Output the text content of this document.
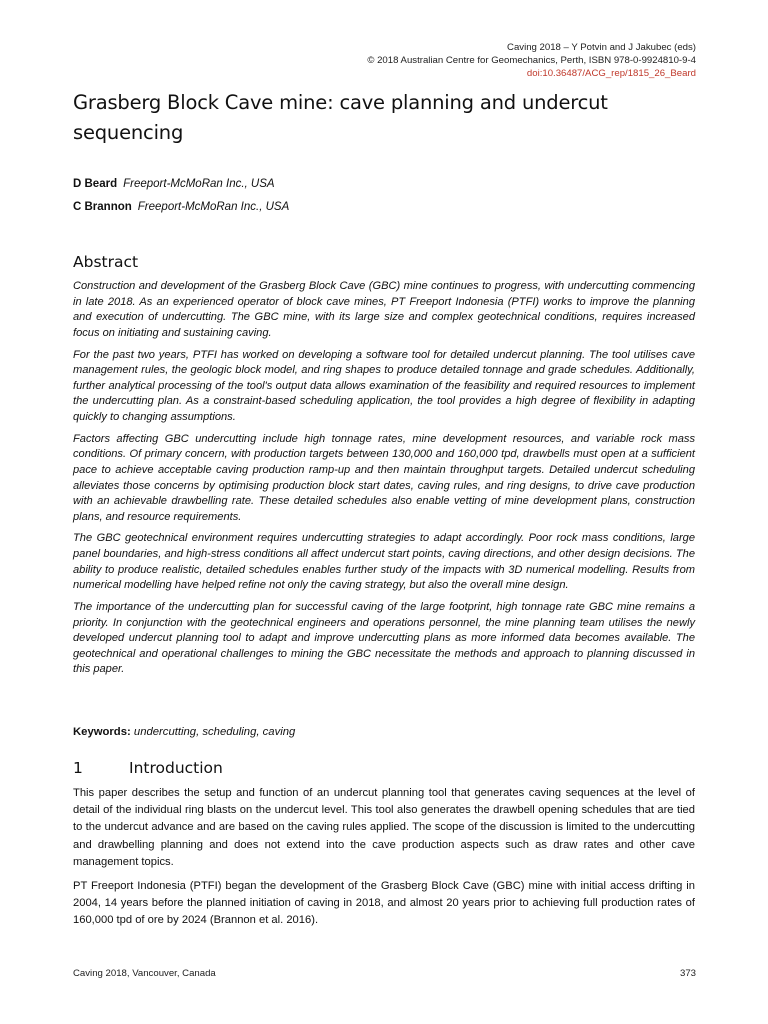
Caving 2018 – Y Potvin and J Jakubec (eds)
© 2018 Australian Centre for Geomechanics, Perth, ISBN 978-0-9924810-9-4
doi:10.36487/ACG_rep/1815_26_Beard
Grasberg Block Cave mine: cave planning and undercut sequencing
D Beard Freeport-McMoRan Inc., USA
C Brannon Freeport-McMoRan Inc., USA
Abstract

Construction and development of the Grasberg Block Cave (GBC) mine continues to progress, with undercutting commencing in late 2018. As an experienced operator of block cave mines, PT Freeport Indonesia (PTFI) works to improve the planning and execution of undercutting. The GBC mine, with its large size and complex geotechnical conditions, requires increased focus on initiating and sustaining caving.

For the past two years, PTFI has worked on developing a software tool for detailed undercut planning. The tool utilises cave management rules, the geologic block model, and ring shapes to produce detailed tonnage and grade schedules. Additionally, further analytical processing of the tool's output data allows examination of the feasibility and required resources to implement the undercutting plan. As a constraint-based scheduling application, the tool provides a high degree of flexibility in adapting quickly to changing assumptions.

Factors affecting GBC undercutting include high tonnage rates, mine development resources, and variable rock mass conditions. Of primary concern, with production targets between 130,000 and 160,000 tpd, drawbells must open at a sufficient pace to achieve acceptable caving production ramp-up and then maintain throughput targets. Detailed undercut scheduling alleviates those concerns by optimising production block start dates, caving rules, and ring designs, to drive cave production with an achievable drawbelling rate. These detailed schedules also enable vetting of mine development plans, construction plans, and resource requirements.

The GBC geotechnical environment requires undercutting strategies to adapt accordingly. Poor rock mass conditions, large panel boundaries, and high-stress conditions all affect undercut start points, caving directions, and other design decisions. The ability to produce realistic, detailed schedules enables further study of the impacts with 3D numerical modelling. Results from numerical modelling have helped refine not only the caving strategy, but also the overall mine design.

The importance of the undercutting plan for successful caving of the large footprint, high tonnage rate GBC mine remains a priority. In conjunction with the geotechnical engineers and operations personnel, the mine planning team utilises the newly developed undercut planning tool to adapt and improve undercutting plans as more informed data becomes available. The geotechnical and operational challenges to mining the GBC necessitate the methods and approach to planning discussed in this paper.

Keywords: undercutting, scheduling, caving
1	Introduction

This paper describes the setup and function of an undercut planning tool that generates caving sequences at the level of detail of the individual ring blasts on the undercut level. This tool also generates the drawbell opening schedules that are tied to the undercut advance and are based on the caving rules applied. The scope of the discussion is limited to the undercutting and drawbelling planning and does not extend into the cave production aspects such as draw rates and other cave management topics.

PT Freeport Indonesia (PTFI) began the development of the Grasberg Block Cave (GBC) mine with initial access drifting in 2004, 14 years before the planned initiation of caving in 2018, and almost 20 years prior to achieving full production rates of 160,000 tpd of ore by 2024 (Brannon et al. 2016).

Caving 2018, Vancouver, Canada	373
